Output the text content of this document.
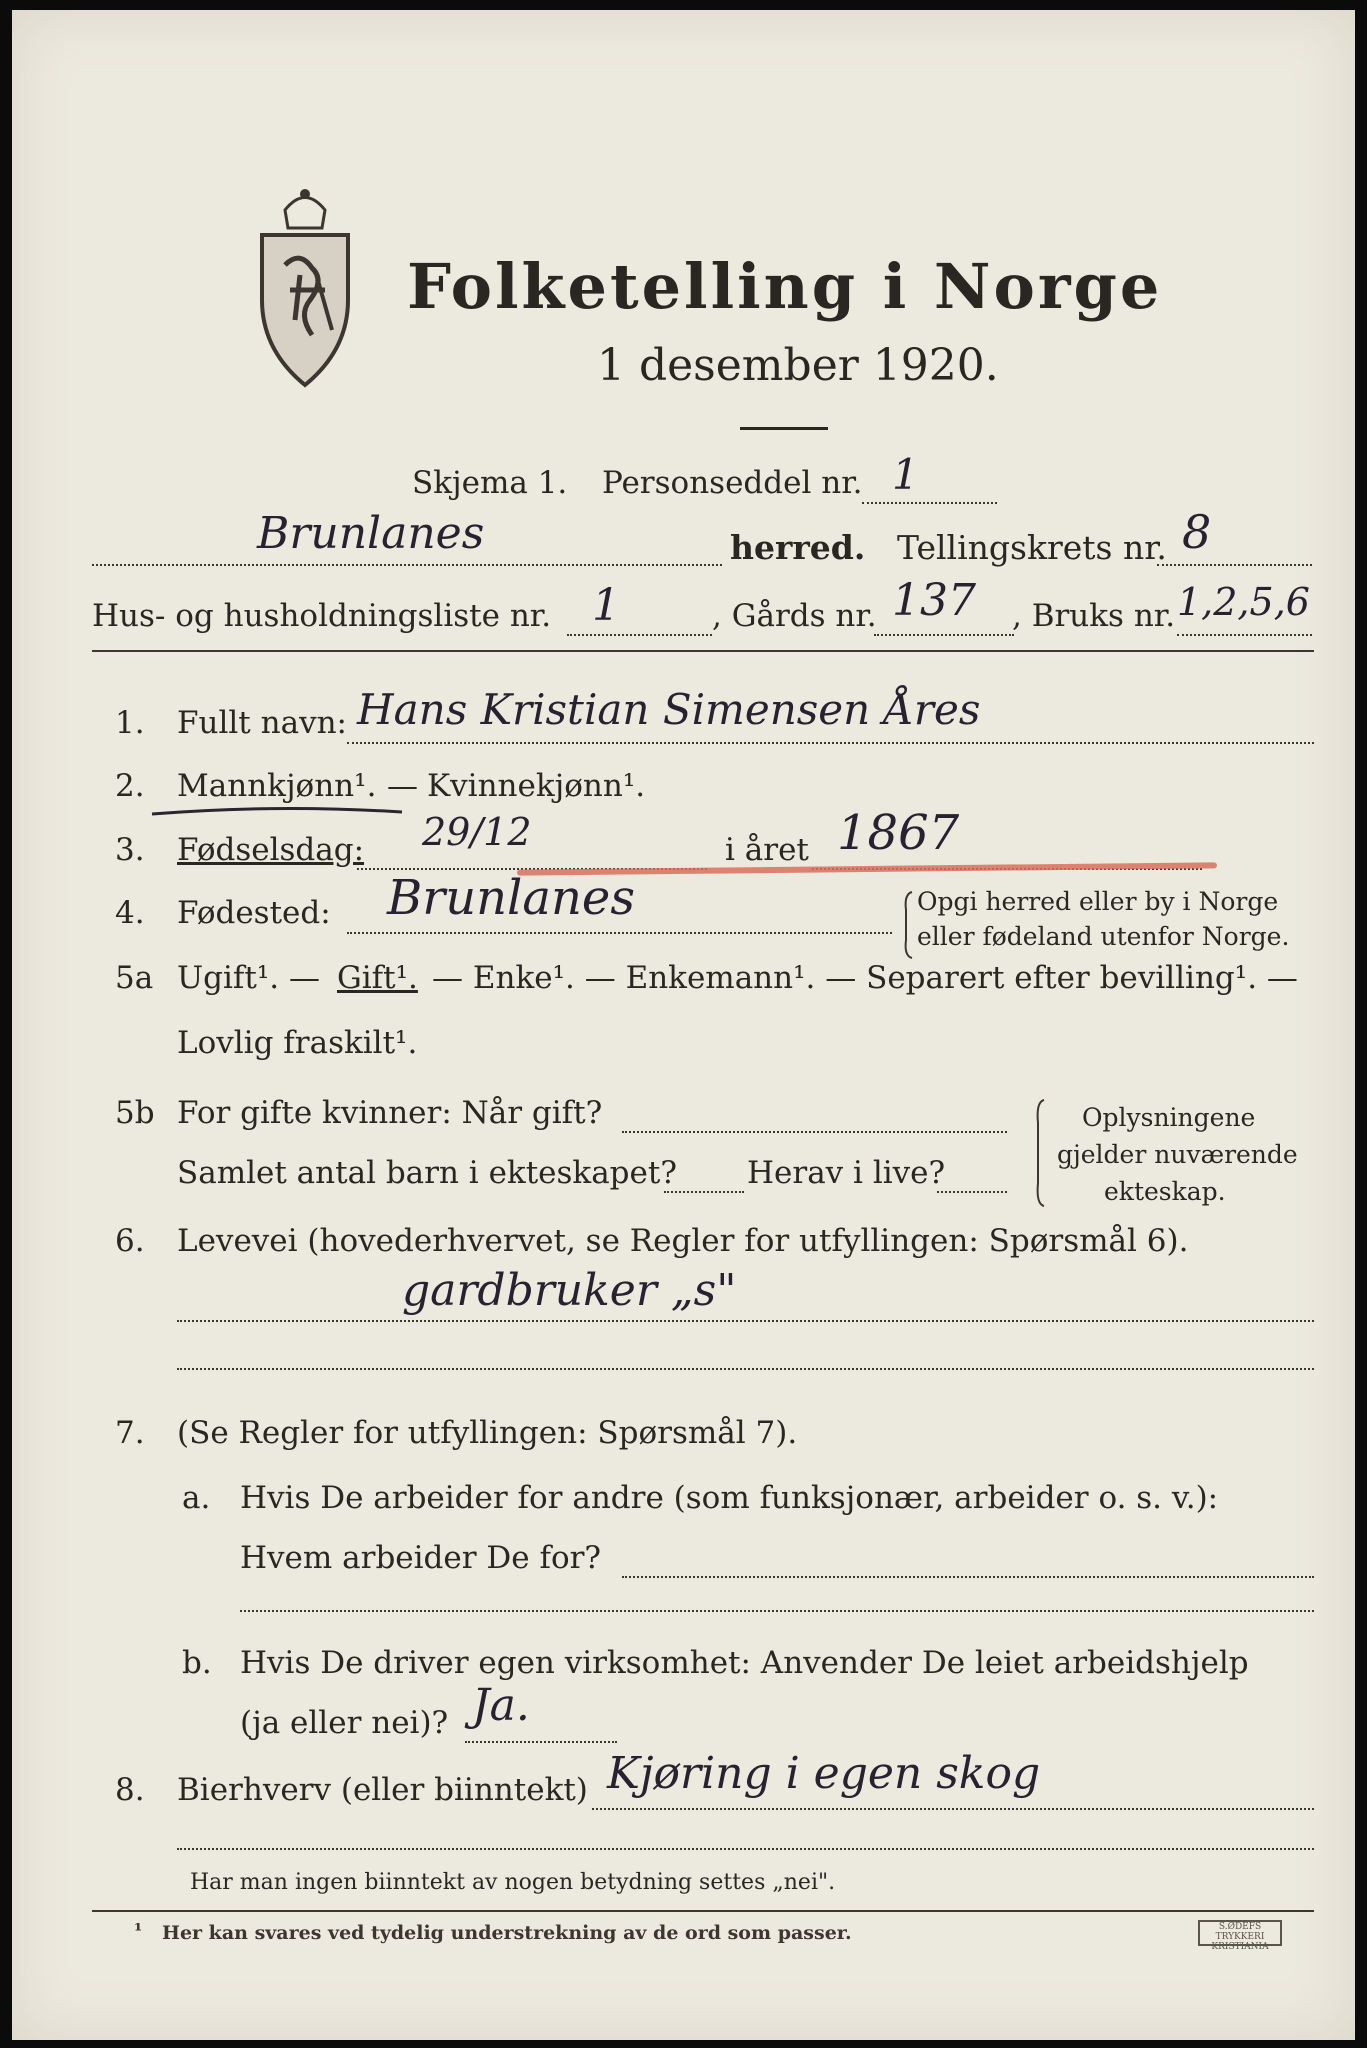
Folketelling i Norge
1 desember 1920.
Skjema 1. Personseddel nr. 1
Brunlanes	herred. Tellingskrets nr. 8
Hus- og husholdningsliste nr. 1	, Gårds nr. 137 , Bruks nr. 1,2,5,6
1. Fullt navn: Hans Kristian Simensen Åres
2. Mannkjønn¹. — Kvinnekjønn¹.
3. Fødselsdag: 29/12	i året 1867
4. Fødested: Brunlanes	Opgi herred eller by i Norge
eller fødeland utenfor Norge.
5a Ugift¹. — Gift¹. — Enke¹. — Enkemann¹. — Separert efter bevilling¹. —
Lovlig fraskilt¹.
5b For gifte kvinner: Når gift?
Samlet antal barn i ekteskapet? Herav i live?
Oplysningene
gjelder nuværende
ekteskap.
6. Levevei (hovederhvervet, se Regler for utfyllingen: Spørsmål 6).
gardbruker „s"
7. (Se Regler for utfyllingen: Spørsmål 7).
a. Hvis De arbeider for andre (som funksjonær, arbeider o. s. v.):
Hvem arbeider De for?
b. Hvis De driver egen virksomhet: Anvender De leiet arbeidshjelp
(ja eller nei)? Ja.
8. Bierhverv (eller biinntekt) Kjøring i egen skog
Har man ingen biinntekt av nogen betydning settes „nei".
¹ Her kan svares ved tydelig understrekning av de ord som passer.	S.ØDEFS TRYKKERI KRISTIANIA
